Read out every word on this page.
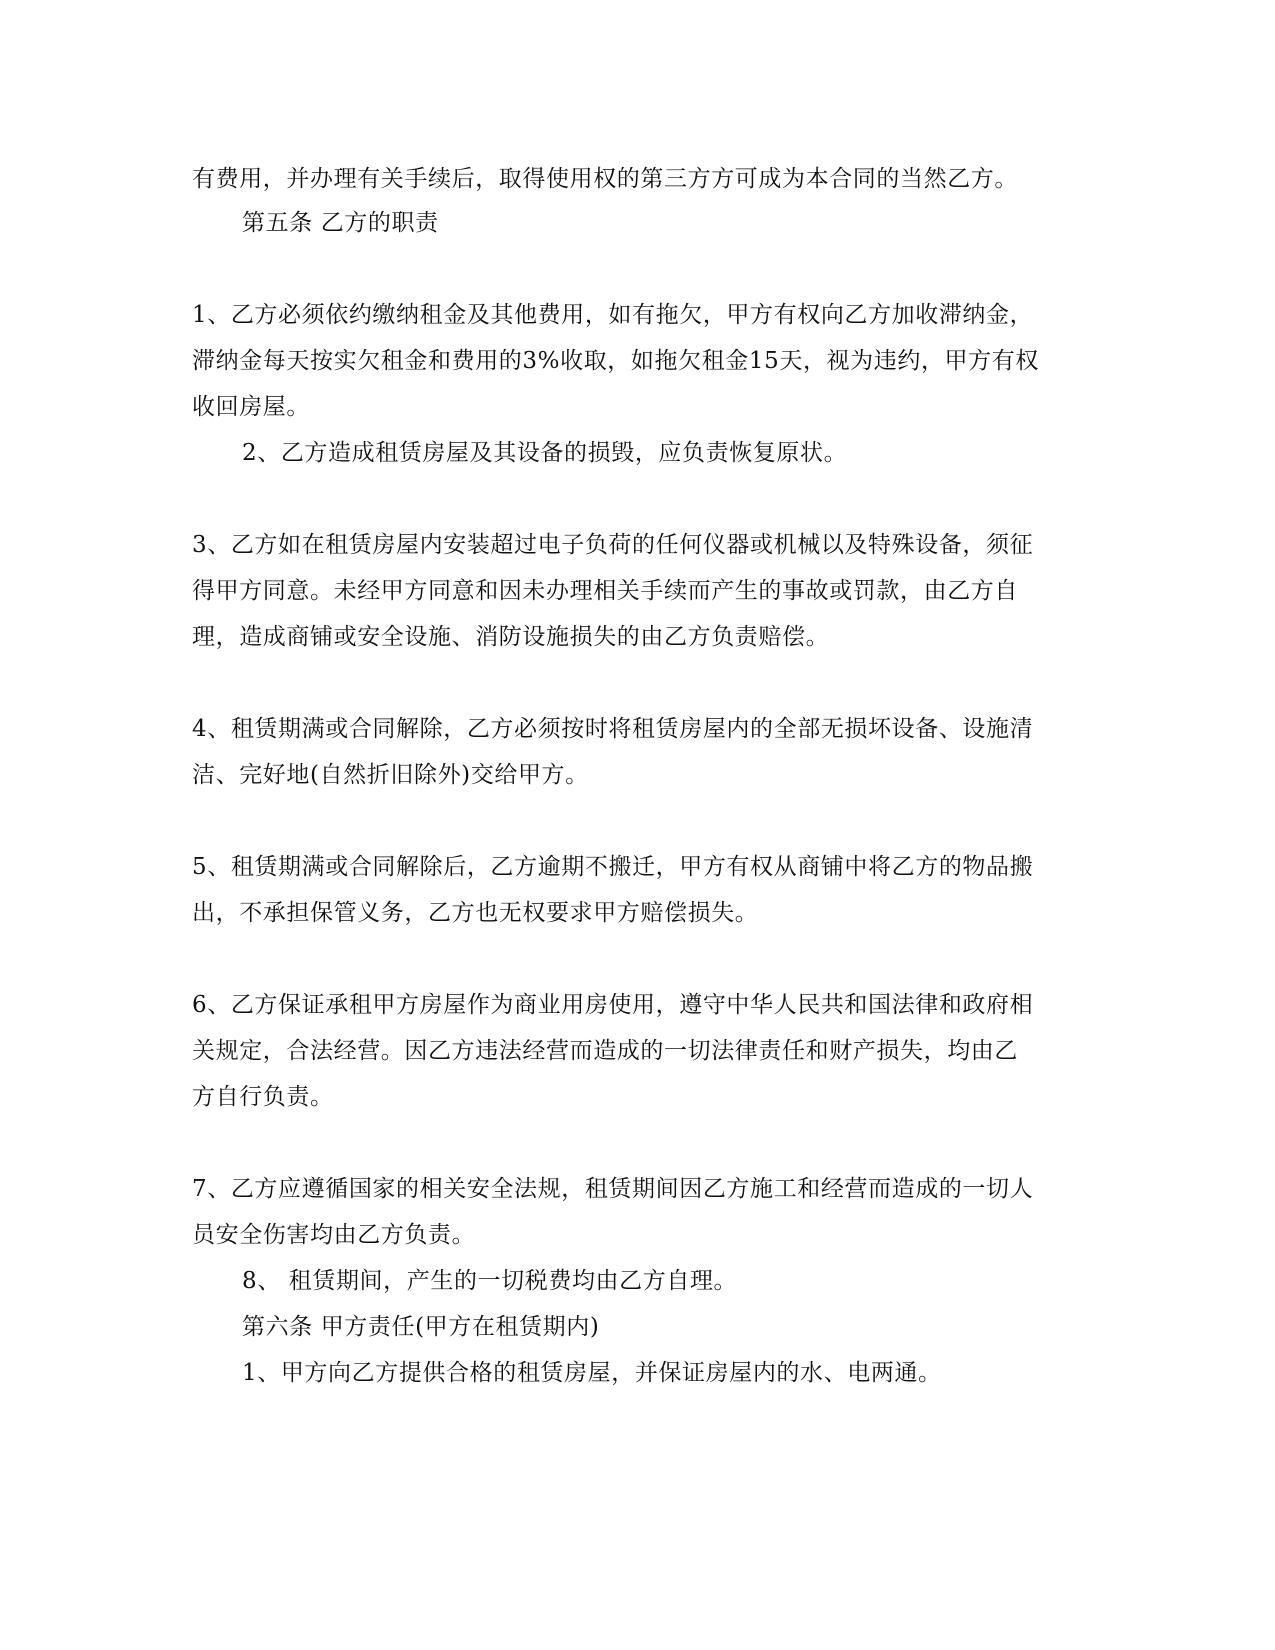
有费用，并办理有关手续后，取得使用权的第三方方可成为本合同的当然乙方。
第五条 乙方的职责
1、乙方必须依约缴纳租金及其他费用，如有拖欠，甲方有权向乙方加收滞纳金，
滞纳金每天按实欠租金和费用的3%收取，如拖欠租金15天，视为违约，甲方有权
收回房屋。
2、乙方造成租赁房屋及其设备的损毁，应负责恢复原状。
3、乙方如在租赁房屋内安装超过电子负荷的任何仪器或机械以及特殊设备，须征
得甲方同意。未经甲方同意和因未办理相关手续而产生的事故或罚款，由乙方自
理，造成商铺或安全设施、消防设施损失的由乙方负责赔偿。
4、租赁期满或合同解除，乙方必须按时将租赁房屋内的全部无损坏设备、设施清
洁、完好地(自然折旧除外)交给甲方。
5、租赁期满或合同解除后，乙方逾期不搬迁，甲方有权从商铺中将乙方的物品搬
出，不承担保管义务，乙方也无权要求甲方赔偿损失。
6、乙方保证承租甲方房屋作为商业用房使用，遵守中华人民共和国法律和政府相
关规定，合法经营。因乙方违法经营而造成的一切法律责任和财产损失，均由乙
方自行负责。
7、乙方应遵循国家的相关安全法规，租赁期间因乙方施工和经营而造成的一切人
员安全伤害均由乙方负责。
8、 租赁期间，产生的一切税费均由乙方自理。
第六条 甲方责任(甲方在租赁期内)
1、甲方向乙方提供合格的租赁房屋，并保证房屋内的水、电两通。
